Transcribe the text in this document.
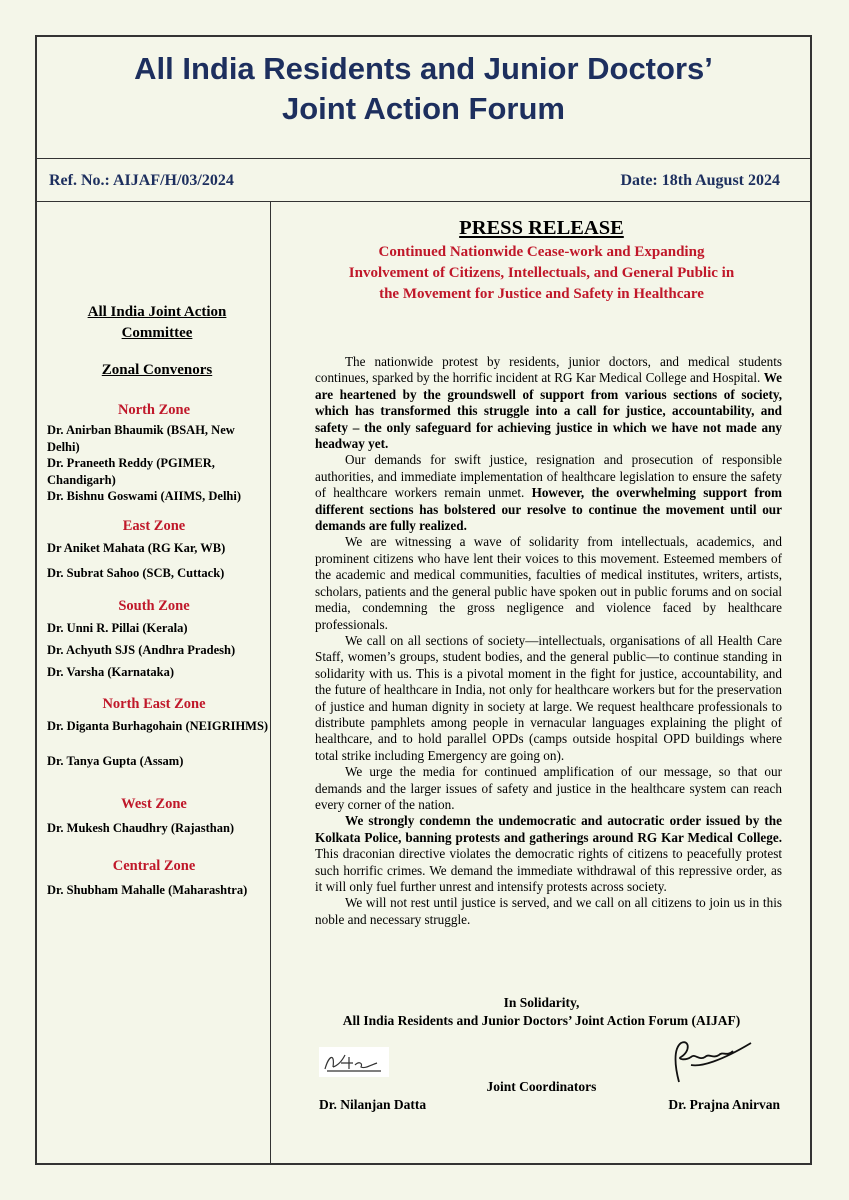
All India Residents and Junior Doctors’
Joint Action Forum

Ref. No.: AIJAF/H/03/2024	Date: 18th August 2024
All India Joint Action
Committee
Zonal Convenors
North Zone
Dr. Anirban Bhaumik (BSAH, New Delhi)
Dr. Praneeth Reddy (PGIMER, Chandigarh)
Dr. Bishnu Goswami (AIIMS, Delhi)
East Zone
Dr Aniket Mahata (RG Kar, WB)
Dr. Subrat Sahoo (SCB, Cuttack)
South Zone
Dr. Unni R. Pillai (Kerala)
Dr. Achyuth SJS (Andhra Pradesh)
Dr. Varsha (Karnataka)
North East Zone
Dr. Diganta Burhagohain (NEIGRIHMS)
Dr. Tanya Gupta (Assam)
West Zone
Dr. Mukesh Chaudhry (Rajasthan)
Central Zone
Dr. Shubham Mahalle (Maharashtra)
PRESS RELEASE
Continued Nationwide Cease-work and Expanding
Involvement of Citizens, Intellectuals, and General Public in
the Movement for Justice and Safety in Healthcare

The nationwide protest by residents, junior doctors, and medical students continues, sparked by the horrific incident at RG Kar Medical College and Hospital. We are heartened by the groundswell of support from various sections of society, which has transformed this struggle into a call for justice, accountability, and safety – the only safeguard for achieving justice in which we have not made any headway yet.

Our demands for swift justice, resignation and prosecution of responsible authorities, and immediate implementation of healthcare legislation to ensure the safety of healthcare workers remain unmet. However, the overwhelming support from different sections has bolstered our resolve to continue the movement until our demands are fully realized.

We are witnessing a wave of solidarity from intellectuals, academics, and prominent citizens who have lent their voices to this movement. Esteemed members of the academic and medical communities, faculties of medical institutes, writers, artists, scholars, patients and the general public have spoken out in public forums and on social media, condemning the gross negligence and violence faced by healthcare professionals.

We call on all sections of society—intellectuals, organisations of all Health Care Staff, women’s groups, student bodies, and the general public—to continue standing in solidarity with us. This is a pivotal moment in the fight for justice, accountability, and the future of healthcare in India, not only for healthcare workers but for the preservation of justice and human dignity in society at large. We request healthcare professionals to distribute pamphlets among people in vernacular languages explaining the plight of healthcare, and to hold parallel OPDs (camps outside hospital OPD buildings where total strike including Emergency are going on).

We urge the media for continued amplification of our message, so that our demands and the larger issues of safety and justice in the healthcare system can reach every corner of the nation.

We strongly condemn the undemocratic and autocratic order issued by the Kolkata Police, banning protests and gatherings around RG Kar Medical College. This draconian directive violates the democratic rights of citizens to peacefully protest such horrific crimes. We demand the immediate withdrawal of this repressive order, as it will only fuel further unrest and intensify protests across society.

We will not rest until justice is served, and we call on all citizens to join us in this noble and necessary struggle.

In Solidarity,
All India Residents and Junior Doctors’ Joint Action Forum (AIJAF)
Joint Coordinators
Dr. Nilanjan Datta	Dr. Prajna Anirvan
